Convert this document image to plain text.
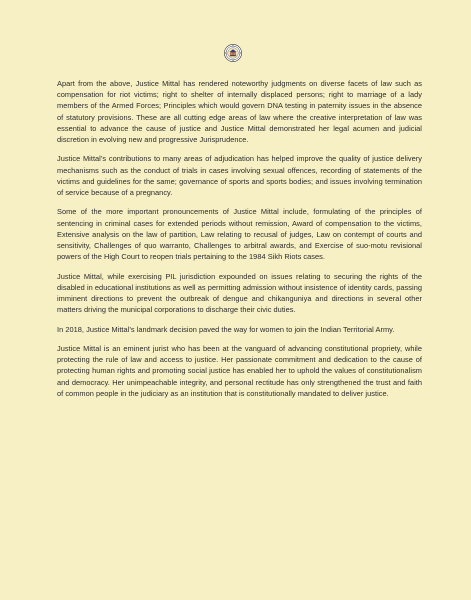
Apart from the above, Justice Mittal has rendered noteworthy judgments on diverse facets of law such as compensation for riot victims; right to shelter of internally displaced persons; right to marriage of a lady members of the Armed Forces; Principles which would govern DNA testing in paternity issues in the absence of statutory provisions. These are all cutting edge areas of law where the creative interpretation of law was essential to advance the cause of justice and Justice Mittal demonstrated her legal acumen and judicial discretion in evolving new and progressive Jurisprudence.

Justice Mittal’s contributions to many areas of adjudication has helped improve the quality of justice delivery mechanisms such as the conduct of trials in cases involving sexual offences, recording of statements of the victims and guidelines for the same; governance of sports and sports bodies; and issues involving termination of service because of a pregnancy.

Some of the more important pronouncements of Justice Mittal include, formulating of the principles of sentencing in criminal cases for extended periods without remission, Award of compensation to the victims, Extensive analysis on the law of partition, Law relating to recusal of judges, Law on contempt of courts and sensitivity, Challenges of quo warranto, Challenges to arbitral awards, and Exercise of suo-motu revisional powers of the High Court to reopen trials pertaining to the 1984 Sikh Riots cases.

Justice Mittal, while exercising PIL jurisdiction expounded on issues relating to securing the rights of the disabled in educational institutions as well as permitting admission without insistence of identity cards, passing imminent directions to prevent the outbreak of dengue and chikanguniya and directions in several other matters driving the municipal corporations to discharge their civic duties.

In 2018, Justice Mittal’s landmark decision paved the way for women to join the Indian Territorial Army.

Justice Mittal is an eminent jurist who has been at the vanguard of advancing constitutional propriety, while protecting the rule of law and access to justice. Her passionate commitment and dedication to the cause of protecting human rights and promoting social justice has enabled her to uphold the values of constitutionalism and democracy. Her unimpeachable integrity, and personal rectitude has only strengthened the trust and faith of common people in the judiciary as an institution that is constitutionally mandated to deliver justice.
